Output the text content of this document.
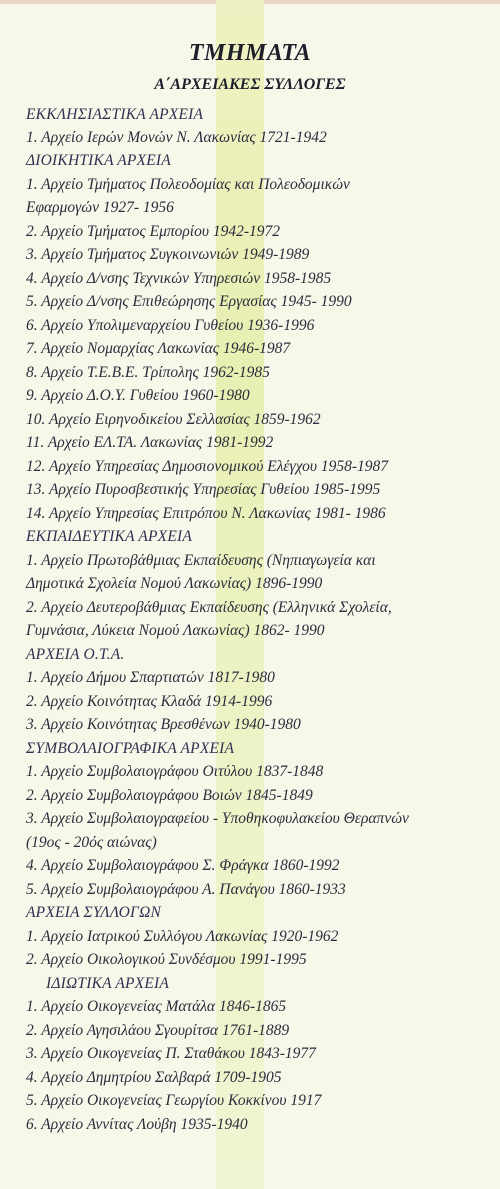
ΤΜΗΜΑΤΑ
Α΄ΑΡΧΕΙΑΚΕΣ ΣΥΛΛΟΓΕΣ
ΕΚΚΛΗΣΙΑΣΤΙΚΑ ΑΡΧΕΙΑ
1. Αρχείο Ιερών Μονών Ν. Λακωνίας 1721-1942
ΔΙΟΙΚΗΤΙΚΑ ΑΡΧΕΙΑ
1. Αρχείο Τμήματος Πολεοδομίας και Πολεοδομικών
Εφαρμογών 1927- 1956
2. Αρχείο Τμήματος Εμπορίου 1942-1972
3. Αρχείο Τμήματος Συγκοινωνιών 1949-1989
4. Αρχείο Δ/νσης Τεχνικών Υπηρεσιών 1958-1985
5. Αρχείο Δ/νσης Επιθεώρησης Εργασίας 1945- 1990
6. Αρχείο Υπολιμεναρχείου Γυθείου 1936-1996
7. Αρχείο Νομαρχίας Λακωνίας 1946-1987
8. Αρχείο Τ.Ε.Β.Ε. Τρίπολης 1962-1985
9. Αρχείο Δ.Ο.Υ. Γυθείου 1960-1980
10. Αρχείο Ειρηνοδικείου Σελλασίας 1859-1962
11. Αρχείο ΕΛ.ΤΑ. Λακωνίας 1981-1992
12. Αρχείο Υπηρεσίας Δημοσιονομικού Ελέγχου 1958-1987
13. Αρχείο Πυροσβεστικής Υπηρεσίας Γυθείου 1985-1995
14. Αρχείο Υπηρεσίας Επιτρόπου Ν. Λακωνίας 1981- 1986
ΕΚΠΑΙΔΕΥΤΙΚΑ ΑΡΧΕΙΑ
1. Αρχείο Πρωτοβάθμιας Εκπαίδευσης (Νηπιαγωγεία και
Δημοτικά Σχολεία Νομού Λακωνίας) 1896-1990
2. Αρχείο Δευτεροβάθμιας Εκπαίδευσης (Ελληνικά Σχολεία,
Γυμνάσια, Λύκεια Νομού Λακωνίας) 1862- 1990
ΑΡΧΕΙΑ Ο.Τ.Α.
1. Αρχείο Δήμου Σπαρτιατών 1817-1980
2. Αρχείο Κοινότητας Κλαδά 1914-1996
3. Αρχείο Κοινότητας Βρεσθένων 1940-1980
ΣΥΜΒΟΛΑΙΟΓΡΑΦΙΚΑ ΑΡΧΕΙΑ
1. Αρχείο Συμβολαιογράφου Οιτύλου 1837-1848
2. Αρχείο Συμβολαιογράφου Βοιών 1845-1849
3. Αρχείο Συμβολαιογραφείου - Υποθηκοφυλακείου Θεραπνών
(19ος - 20ός αιώνας)
4. Αρχείο Συμβολαιογράφου Σ. Φράγκα 1860-1992
5. Αρχείο Συμβολαιογράφου Α. Πανάγου 1860-1933
ΑΡΧΕΙΑ ΣΥΛΛΟΓΩΝ
1. Αρχείο Ιατρικού Συλλόγου Λακωνίας 1920-1962
2. Αρχείο Οικολογικού Συνδέσμου 1991-1995
ΙΔΙΩΤΙΚΑ ΑΡΧΕΙΑ
1. Αρχείο Οικογενείας Ματάλα 1846-1865
2. Αρχείο Αγησιλάου Σγουρίτσα 1761-1889
3. Αρχείο Οικογενείας Π. Σταθάκου 1843-1977
4. Αρχείο Δημητρίου Σαλβαρά 1709-1905
5. Αρχείο Οικογενείας Γεωργίου Κοκκίνου 1917
6. Αρχείο Αννίτας Λούβη 1935-1940
